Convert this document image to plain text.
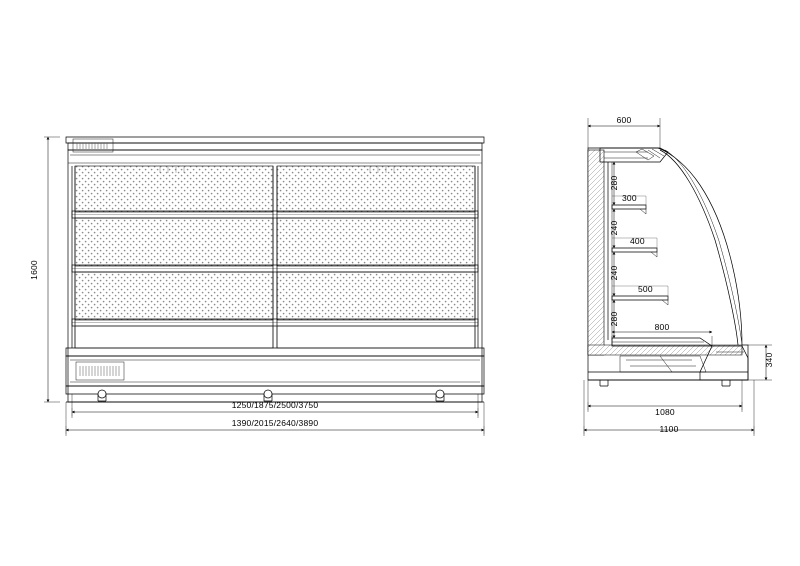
1600
1250/1875/2500/3750
1390/2015/2640/3890
600
280
240
240
280
300
400
500
800
340
1080
1100
